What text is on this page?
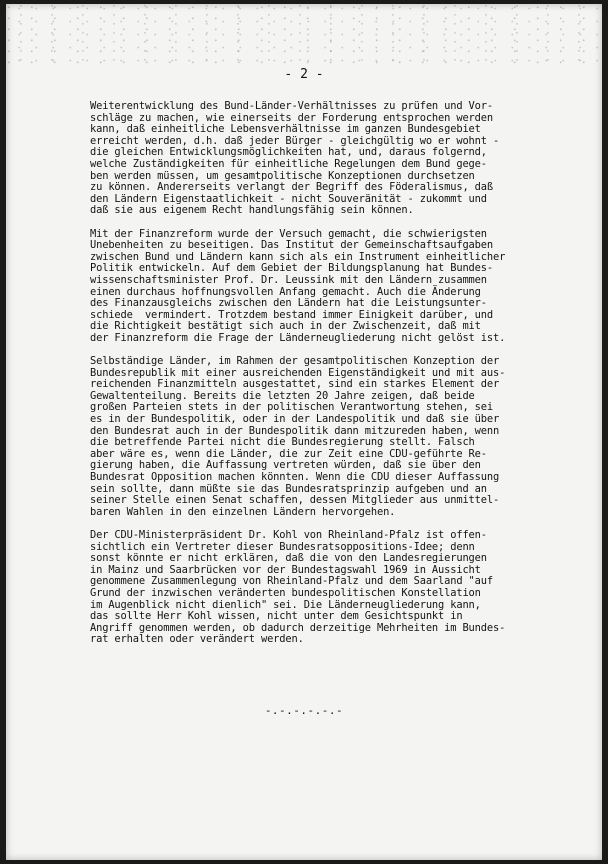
- 2 -
Weiterentwicklung des Bund-Länder-Verhältnisses zu prüfen und Vor-
schläge zu machen, wie einerseits der Forderung entsprochen werden
kann, daß einheitliche Lebensverhältnisse im ganzen Bundesgebiet
erreicht werden, d.h. daß jeder Bürger - gleichgültig wo er wohnt -
die gleichen Entwicklungsmöglichkeiten hat, und, daraus folgernd,
welche Zuständigkeiten für einheitliche Regelungen dem Bund gege-
ben werden müssen, um gesamtpolitische Konzeptionen durchsetzen
zu können. Andererseits verlangt der Begriff des Föderalismus, daß
den Ländern Eigenstaatlichkeit - nicht Souveränität - zukommt und
daß sie aus eigenem Recht handlungsfähig sein können.
Mit der Finanzreform wurde der Versuch gemacht, die schwierigsten
Unebenheiten zu beseitigen. Das Institut der Gemeinschaftsaufgaben
zwischen Bund und Ländern kann sich als ein Instrument einheitlicher
Politik entwickeln. Auf dem Gebiet der Bildungsplanung hat Bundes-
wissenschaftsminister Prof. Dr. Leussink mit den Ländern zusammen
einen durchaus hoffnungsvollen Anfang gemacht. Auch die Änderung
des Finanzausgleichs zwischen den Ländern hat die Leistungsunter-
schiede  vermindert. Trotzdem bestand immer Einigkeit darüber, und
die Richtigkeit bestätigt sich auch in der Zwischenzeit, daß mit
der Finanzreform die Frage der Länderneugliederung nicht gelöst ist.
Selbständige Länder, im Rahmen der gesamtpolitischen Konzeption der
Bundesrepublik mit einer ausreichenden Eigenständigkeit und mit aus-
reichenden Finanzmitteln ausgestattet, sind ein starkes Element der
Gewaltenteilung. Bereits die letzten 20 Jahre zeigen, daß beide
großen Parteien stets in der politischen Verantwortung stehen, sei
es in der Bundespolitik, oder in der Landespolitik und daß sie über
den Bundesrat auch in der Bundespolitik dann mitzureden haben, wenn
die betreffende Partei nicht die Bundesregierung stellt. Falsch
aber wäre es, wenn die Länder, die zur Zeit eine CDU-geführte Re-
gierung haben, die Auffassung vertreten würden, daß sie über den
Bundesrat Opposition machen könnten. Wenn die CDU dieser Auffassung
sein sollte, dann müßte sie das Bundesratsprinzip aufgeben und an
seiner Stelle einen Senat schaffen, dessen Mitglieder aus unmittel-
baren Wahlen in den einzelnen Ländern hervorgehen.
Der CDU-Ministerpräsident Dr. Kohl von Rheinland-Pfalz ist offen-
sichtlich ein Vertreter dieser Bundesratsoppositions-Idee; denn
sonst könnte er nicht erklären, daß die von den Landesregierungen
in Mainz und Saarbrücken vor der Bundestagswahl 1969 in Aussicht
genommene Zusammenlegung von Rheinland-Pfalz und dem Saarland "auf
Grund der inzwischen veränderten bundespolitischen Konstellation
im Augenblick nicht dienlich" sei. Die Länderneugliederung kann,
das sollte Herr Kohl wissen, nicht unter dem Gesichtspunkt in
Angriff genommen werden, ob dadurch derzeitige Mehrheiten im Bundes-
rat erhalten oder verändert werden.
-.-.-.-.-.-
